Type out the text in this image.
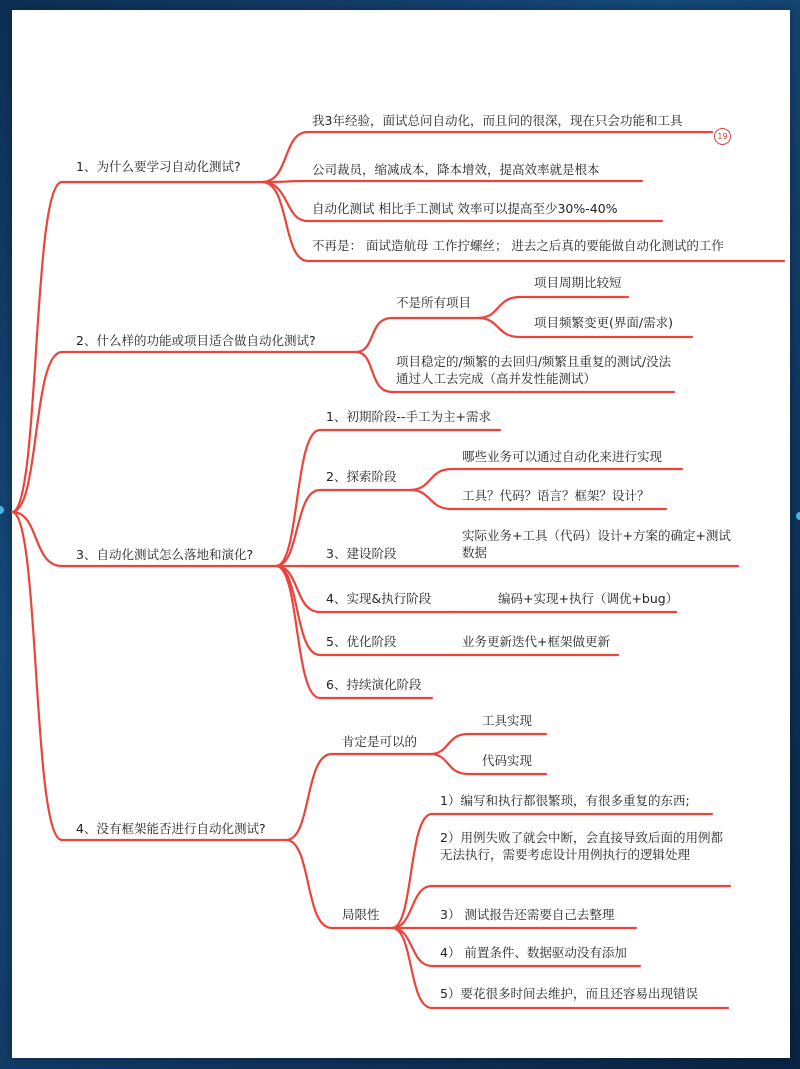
1、为什么要学习自动化测试?
我3年经验，面试总问自动化，而且问的很深，现在只会功能和工具
19
公司裁员，缩减成本，降本增效，提高效率就是根本
自动化测试 相比手工测试 效率可以提高至少30%-40%
不再是： 面试造航母 工作拧螺丝； 进去之后真的要能做自动化测试的工作
2、什么样的功能或项目适合做自动化测试?
不是所有项目
项目周期比较短
项目频繁变更(界面/需求)
项目稳定的/频繁的去回归/频繁且重复的测试/没法通过人工去完成（高并发性能测试）
3、自动化测试怎么落地和演化?
1、初期阶段--手工为主+需求
2、探索阶段
哪些业务可以通过自动化来进行实现
工具？代码？语言？框架？设计？
3、建设阶段
实际业务+工具（代码）设计+方案的确定+测试数据
4、实现&执行阶段	编码+实现+执行（调优+bug）
5、优化阶段	业务更新迭代+框架做更新
6、持续演化阶段
4、没有框架能否进行自动化测试?
肯定是可以的
工具实现
代码实现
局限性
1）编写和执行都很繁琐，有很多重复的东西;
2）用例失败了就会中断，会直接导致后面的用例都无法执行，需要考虑设计用例执行的逻辑处理
3） 测试报告还需要自己去整理
4） 前置条件、数据驱动没有添加
5）要花很多时间去维护，而且还容易出现错误
